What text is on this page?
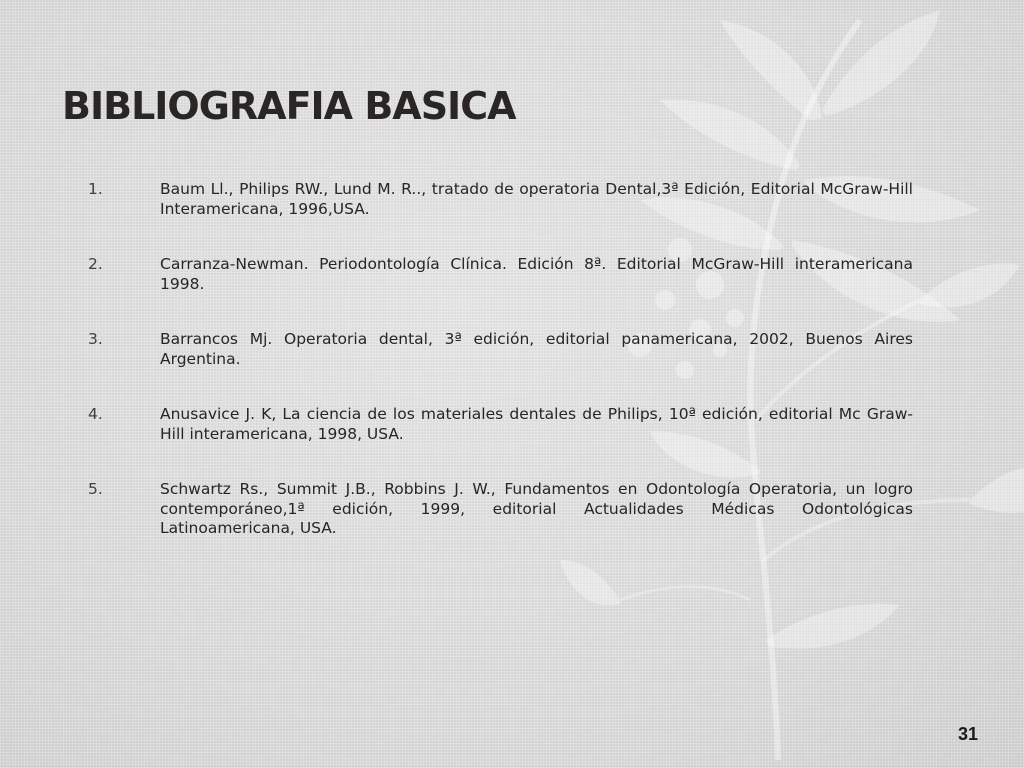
BIBLIOGRAFIA BASICA
1.	Baum Ll., Philips RW., Lund M. R.., tratado de operatoria Dental,3ª Edición, Editorial McGraw-Hill Interamericana, 1996,USA.
2.	Carranza-Newman. Periodontología Clínica. Edición 8ª. Editorial McGraw-Hill interamericana 1998.
3.	Barrancos Mj. Operatoria dental, 3ª edición, editorial panamericana, 2002, Buenos Aires Argentina.
4.	Anusavice J. K, La ciencia de los materiales dentales de Philips, 10ª edición, editorial Mc Graw-Hill interamericana, 1998, USA.
5.	Schwartz Rs., Summit J.B., Robbins J. W., Fundamentos en Odontología Operatoria, un logro contemporáneo,1ª edición, 1999, editorial Actualidades Médicas Odontológicas Latinoamericana, USA.
31
